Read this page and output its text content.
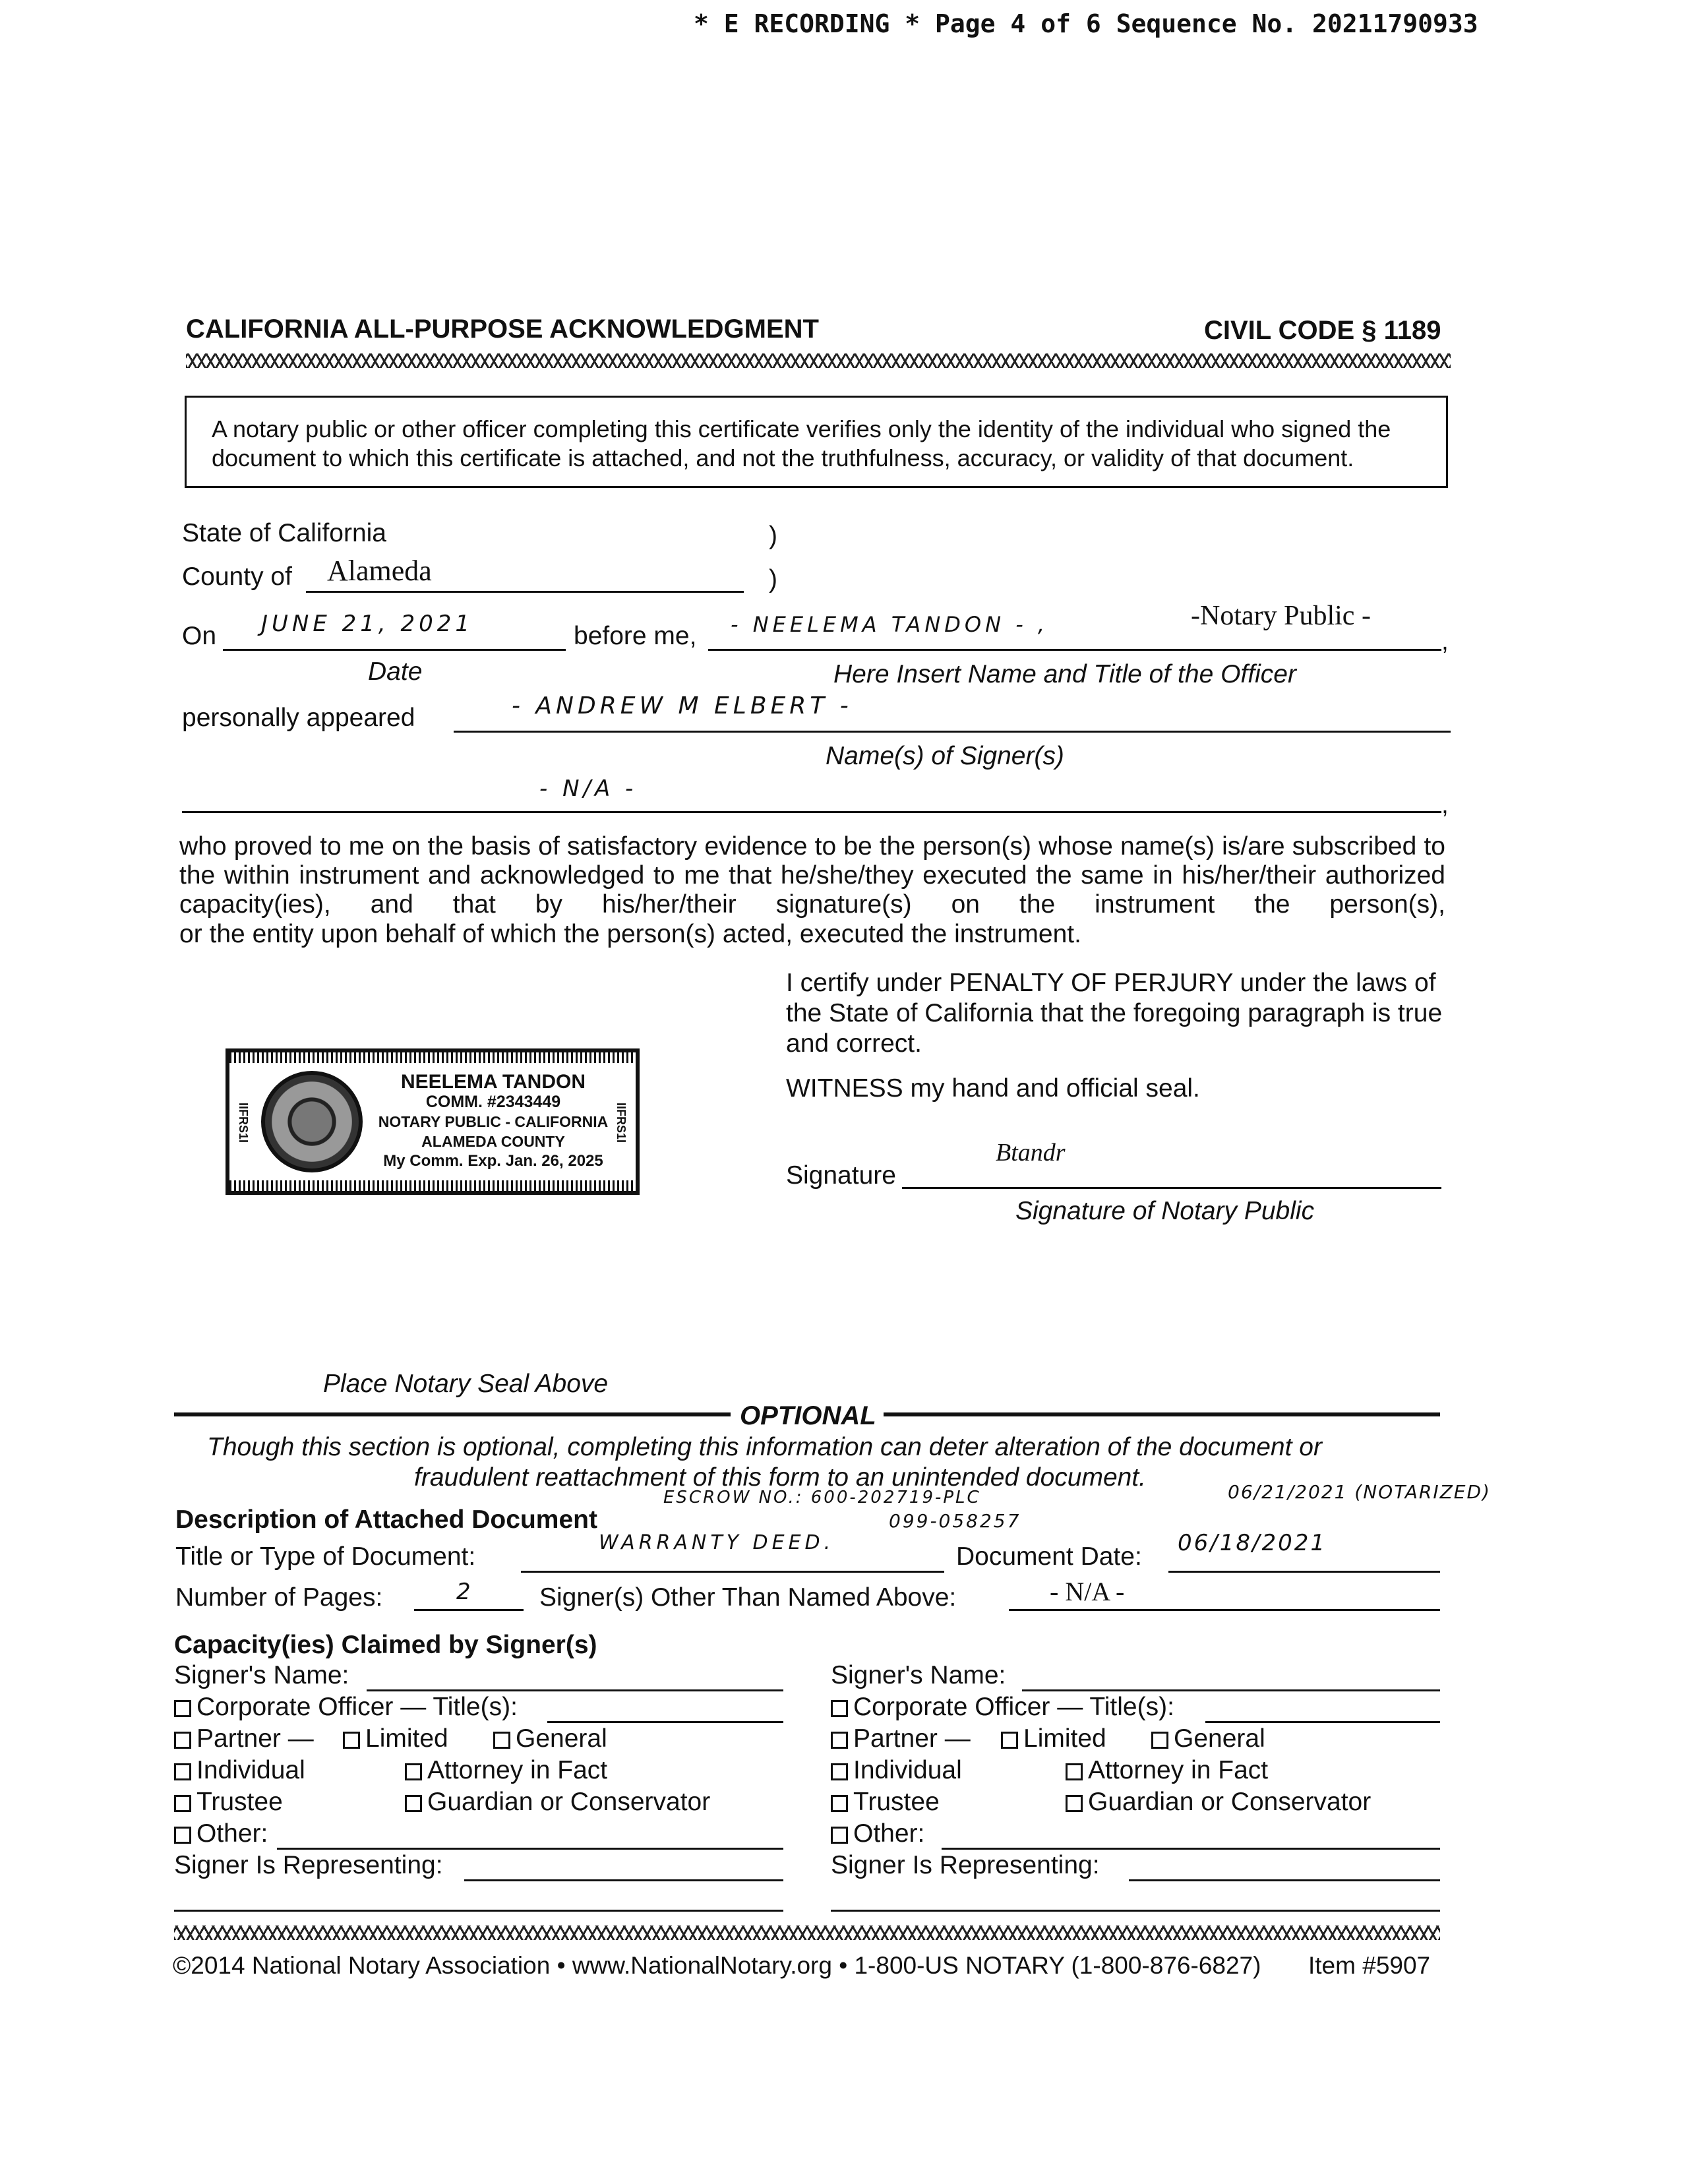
* E RECORDING * Page 4 of 6 Sequence No. 20211790933
CALIFORNIA ALL-PURPOSE ACKNOWLEDGMENT	CIVIL CODE § 1189
A notary public or other officer completing this certificate verifies only the identity of the individual who signed the document to which this certificate is attached, and not the truthfulness, accuracy, or validity of that document.
State of California	)
County of Alameda	)
On JUNE 21, 2021	before me, - NEELEMA TANDON - ,	-Notary Public -
,
Date	Here Insert Name and Title of the Officer
personally appeared	- ANDREW M ELBERT -
Name(s) of Signer(s)
- N/A -
,
who proved to me on the basis of satisfactory evidence to be the person(s) whose name(s) is/are subscribed to the within instrument and acknowledged to me that he/she/they executed the same in his/her/their authorized capacity(ies), and that by his/her/their signature(s) on the instrument the person(s),
or the entity upon behalf of which the person(s) acted, executed the instrument.
I certify under PENALTY OF PERJURY under the laws of the State of California that the foregoing paragraph is true and correct.
WITNESS my hand and official seal.
IIFRS1I	IIFRS1I
NEELEMA TANDON
COMM. #2343449
NOTARY PUBLIC - CALIFORNIA
ALAMEDA COUNTY
My Comm. Exp. Jan. 26, 2025
Signature
Btandr
Signature of Notary Public
Place Notary Seal Above
OPTIONAL
Though this section is optional, completing this information can deter alteration of the document or
fraudulent reattachment of this form to an unintended document.
ESCROW NO.: 600-202719-PLC
099-058257
06/21/2021 (NOTARIZED)
Description of Attached Document
Title or Type of Document:	WARRANTY DEED.	Document Date: 06/18/2021
Number of Pages:	2	Signer(s) Other Than Named Above:	- N/A -
Capacity(ies) Claimed by Signer(s)
Signer's Name:
Corporate Officer — Title(s):
Partner —	Limited	General
Individual	Attorney in Fact
Trustee	Guardian or Conservator
Other:
Signer Is Representing:
Signer's Name:
Corporate Officer — Title(s):
Partner —	Limited	General
Individual	Attorney in Fact
Trustee	Guardian or Conservator
Other:
Signer Is Representing:
©2014 National Notary Association • www.NationalNotary.org • 1-800-US NOTARY (1-800-876-6827) Item #5907
